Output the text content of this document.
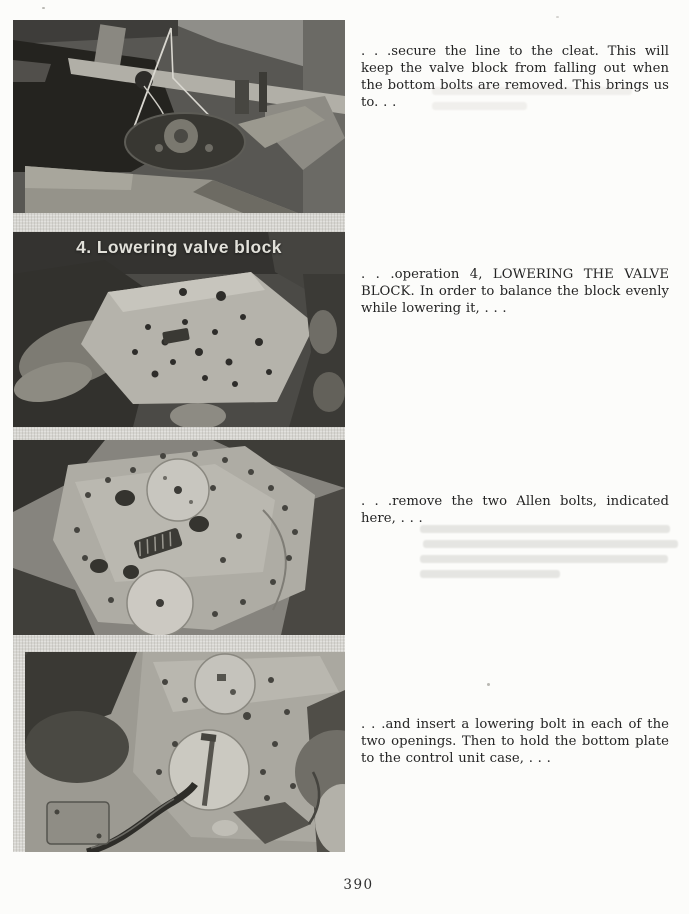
4. Lowering valve block

. . .secure the line to the cleat. This will keep the valve block from falling out when the bottom bolts are removed. This brings us to. . .

. . .operation 4, LOWERING THE VALVE BLOCK. In order to balance the block evenly while lowering it, . . .

. . .remove the two Allen bolts, indicated here, . . .

. . .and insert a lowering bolt in each of the two openings. Then to hold the bottom plate to the control unit case, . . .

390
